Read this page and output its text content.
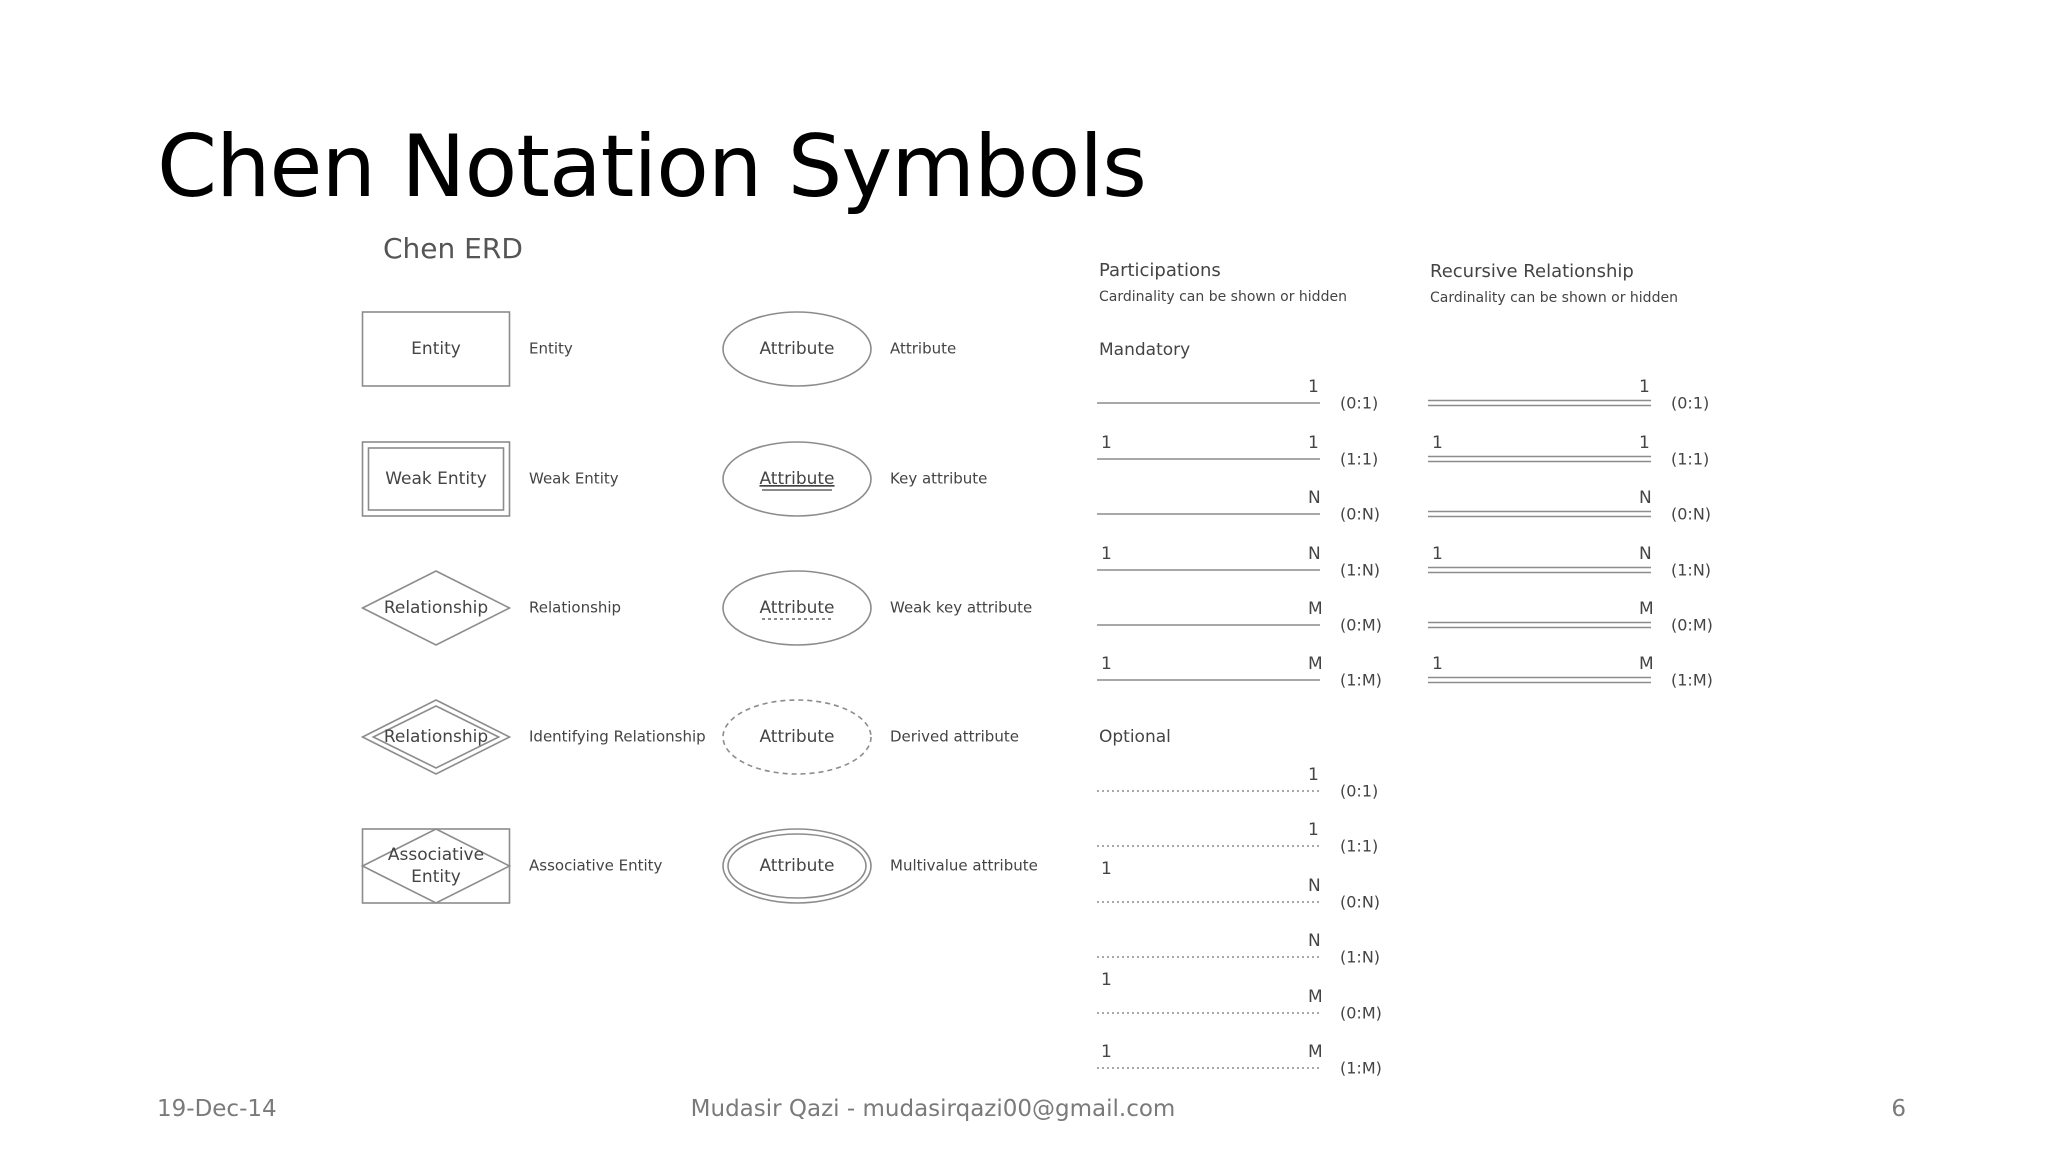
Chen Notation Symbols
Chen ERD
Entity	Entity
Weak Entity	Weak Entity
Relationship	Relationship
Relationship	Identifying Relationship
Associative
Entity
Associative Entity
Attribute	Attribute
Attribute	Key attribute
Attribute	Weak key attribute
Attribute	Derived attribute
Attribute	Multivalue attribute
Participations
Cardinality can be shown or hidden
Mandatory
Optional
1
(0:1)
1	1
(1:1)
N
(0:N)
1	N
(1:N)
M
(0:M)
1	M
(1:M)
1
(0:1)
1
(1:1)
N
(0:N)
1
N
(1:N)
M
(0:M)
1
M
(1:M)
1
Recursive Relationship
Cardinality can be shown or hidden
1
(0:1)
1	1
(1:1)
N
(0:N)
1	N
(1:N)
M
(0:M)
1	M
(1:M)
19-Dec-14	Mudasir Qazi - mudasirqazi00@gmail.com	6
